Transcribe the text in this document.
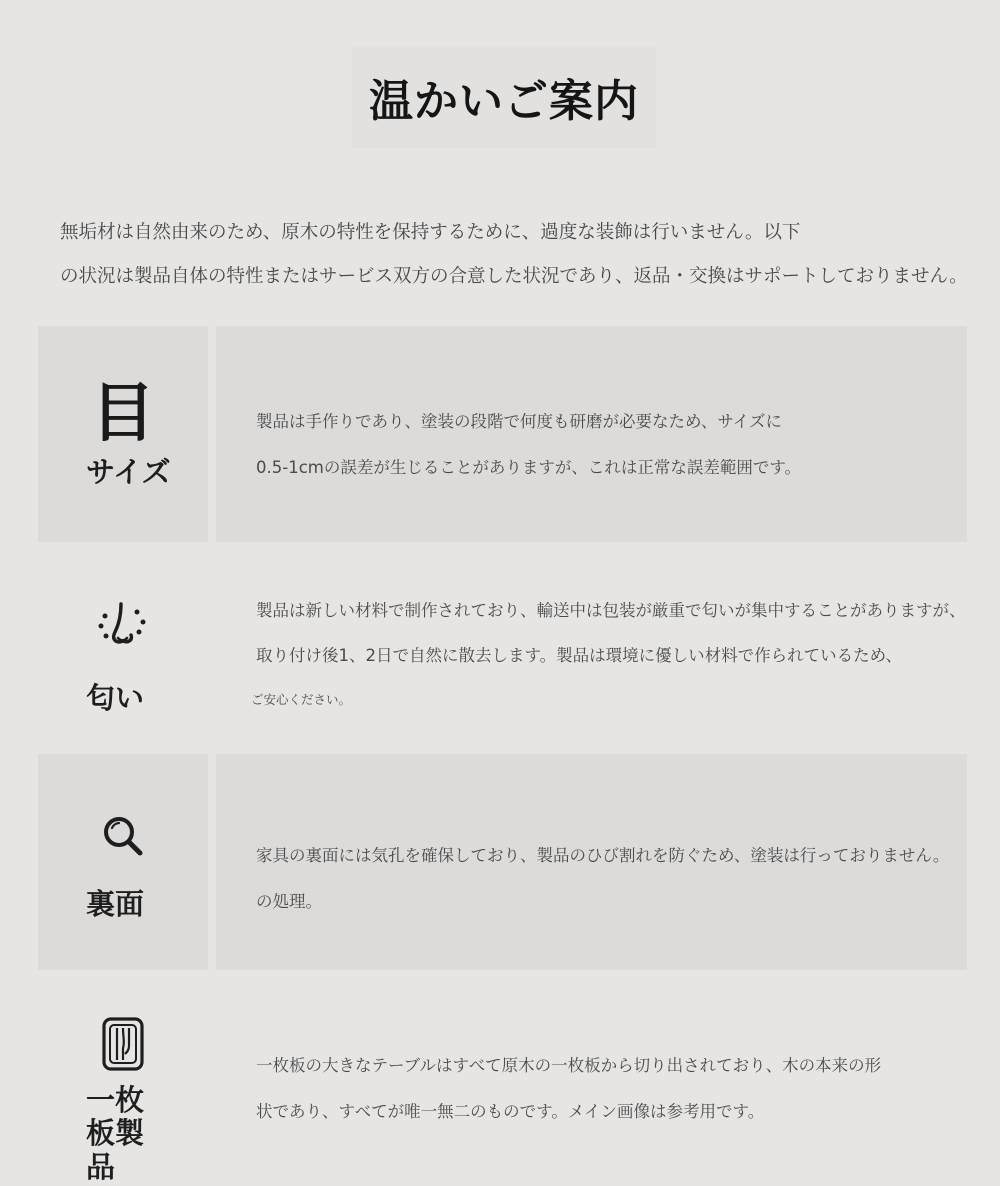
温かいご案内
無垢材は自然由来のため、原木の特性を保持するために、過度な装飾は行いません。以下
の状況は製品自体の特性またはサービス双方の合意した状況であり、返品・交換はサポートしておりません。
目
サイズ
製品は手作りであり、塗装の段階で何度も研磨が必要なため、サイズに
0.5-1cmの誤差が生じることがありますが、これは正常な誤差範囲です。
匂い
製品は新しい材料で制作されており、輸送中は包装が厳重で匂いが集中することがありますが、
取り付け後1、2日で自然に散去します。製品は環境に優しい材料で作られているため、
ご安心ください。
裏面
家具の裏面には気孔を確保しており、製品のひび割れを防ぐため、塗装は行っておりません。
の処理。
一枚板製品
一枚板の大きなテーブルはすべて原木の一枚板から切り出されており、木の本来の形
状であり、すべてが唯一無二のものです。メイン画像は参考用です。
